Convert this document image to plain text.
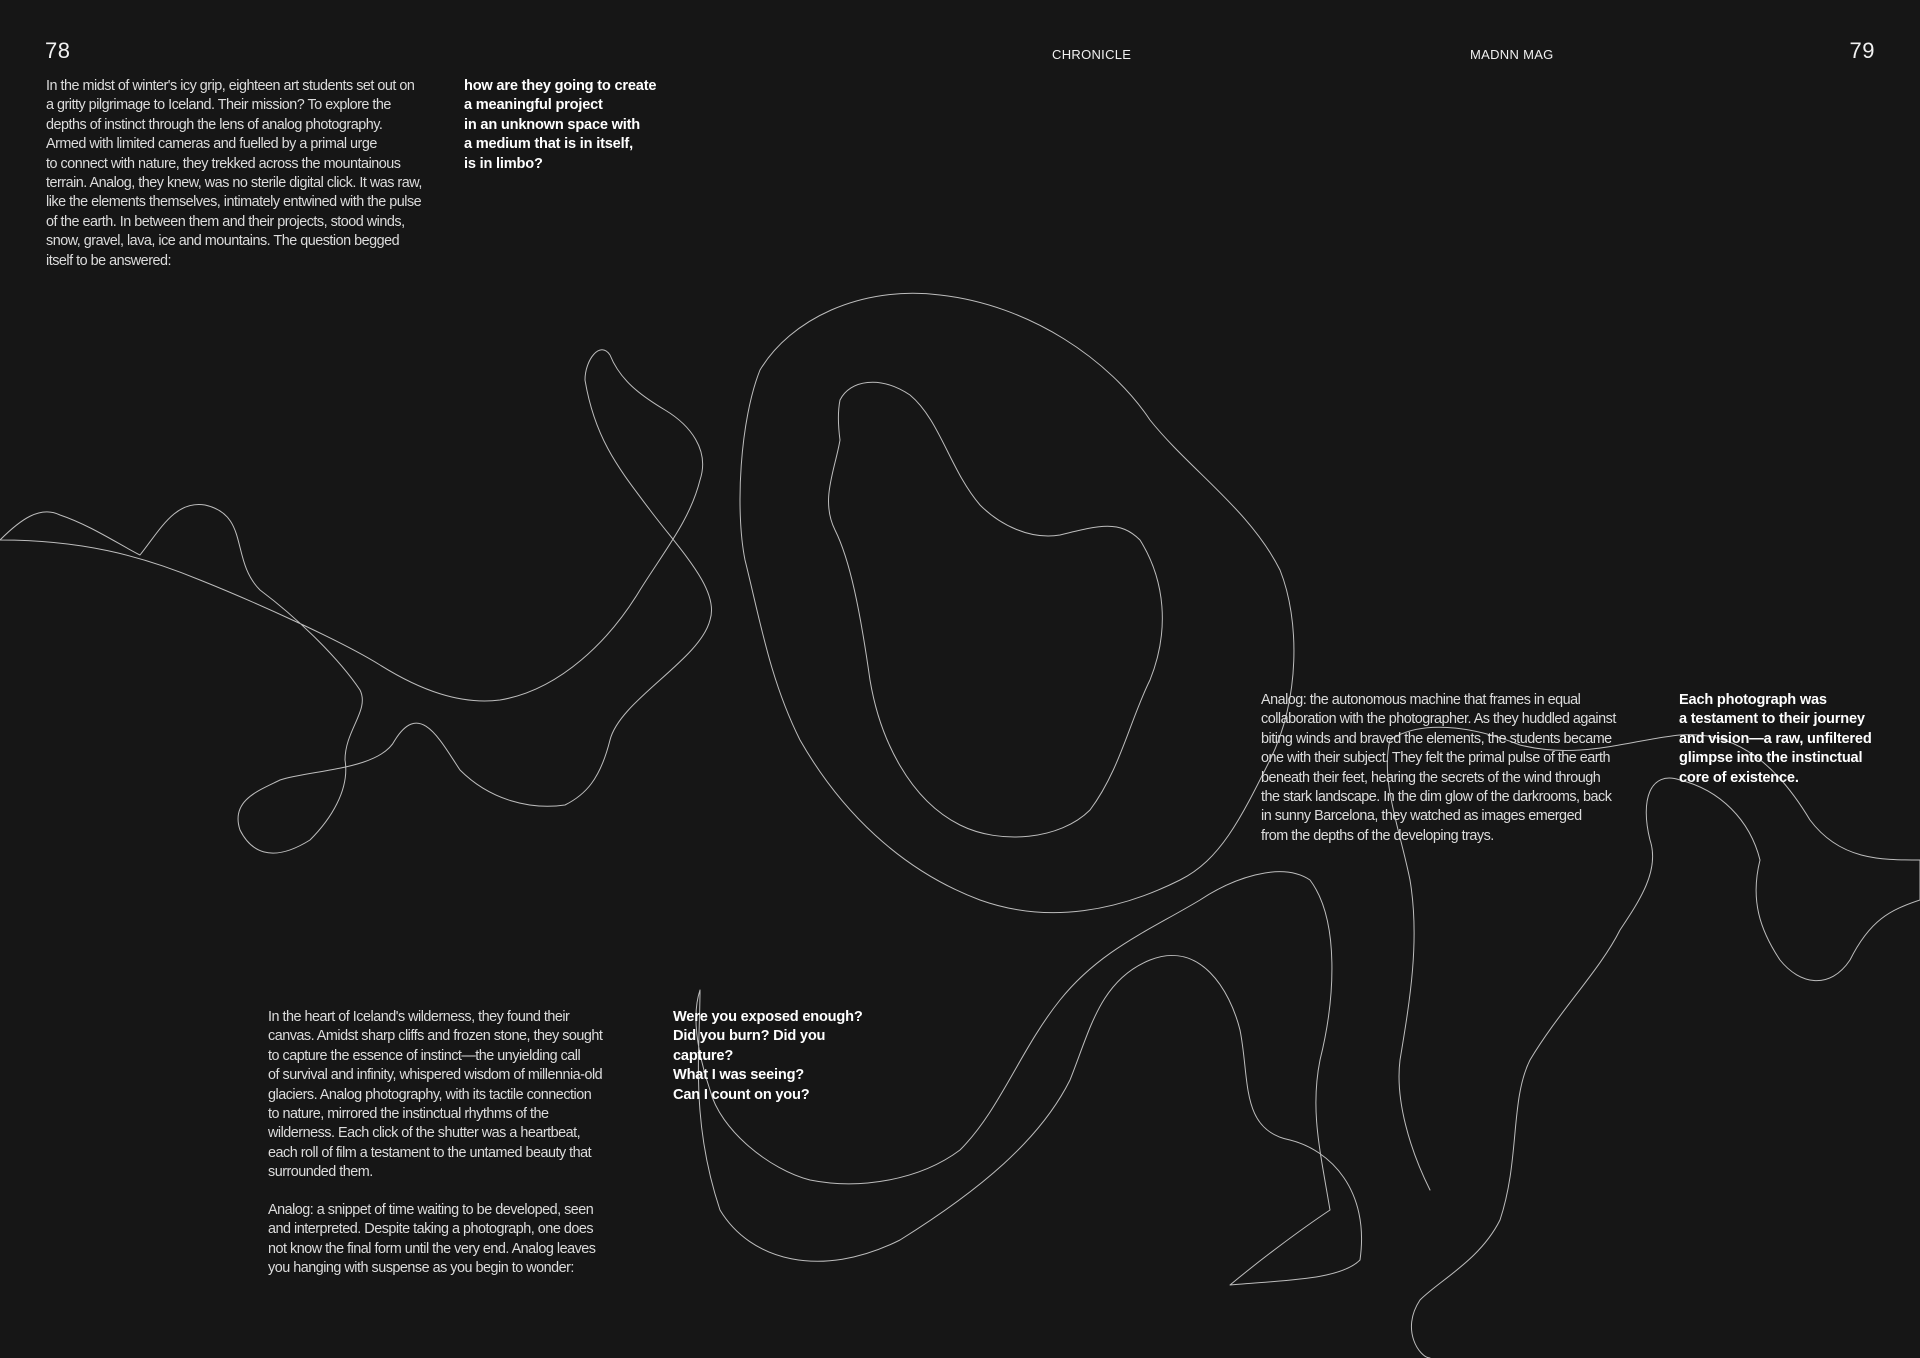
78	CHRONICLE	MADNN MAG	79

In the midst of winter's icy grip, eighteen art students set out on
a gritty pilgrimage to Iceland. Their mission? To explore the
depths of instinct through the lens of analog photography.
Armed with limited cameras and fuelled by a primal urge
to connect with nature, they trekked across the mountainous
terrain. Analog, they knew, was no sterile digital click. It was raw,
like the elements themselves, intimately entwined with the pulse
of the earth. In between them and their projects, stood winds,
snow, gravel, lava, ice and mountains. The question begged
itself to be answered:

how are they going to create
a meaningful project
in an unknown space with
a medium that is in itself,
is in limbo?

Analog: the autonomous machine that frames in equal
collaboration with the photographer. As they huddled against
biting winds and braved the elements, the students became
one with their subject. They felt the primal pulse of the earth
beneath their feet, hearing the secrets of the wind through
the stark landscape. In the dim glow of the darkrooms, back
in sunny Barcelona, they watched as images emerged
from the depths of the developing trays.

Each photograph was
a testament to their journey
and vision—a raw, unfiltered
glimpse into the instinctual
core of existence.

In the heart of Iceland's wilderness, they found their
canvas. Amidst sharp cliffs and frozen stone, they sought
to capture the essence of instinct—the unyielding call
of survival and infinity, whispered wisdom of millennia-old
glaciers. Analog photography, with its tactile connection
to nature, mirrored the instinctual rhythms of the
wilderness. Each click of the shutter was a heartbeat,
each roll of film a testament to the untamed beauty that
surrounded them.

Analog: a snippet of time waiting to be developed, seen
and interpreted. Despite taking a photograph, one does
not know the final form until the very end. Analog leaves
you hanging with suspense as you begin to wonder:

Were you exposed enough?
Did you burn? Did you
capture?
What I was seeing?
Can I count on you?
